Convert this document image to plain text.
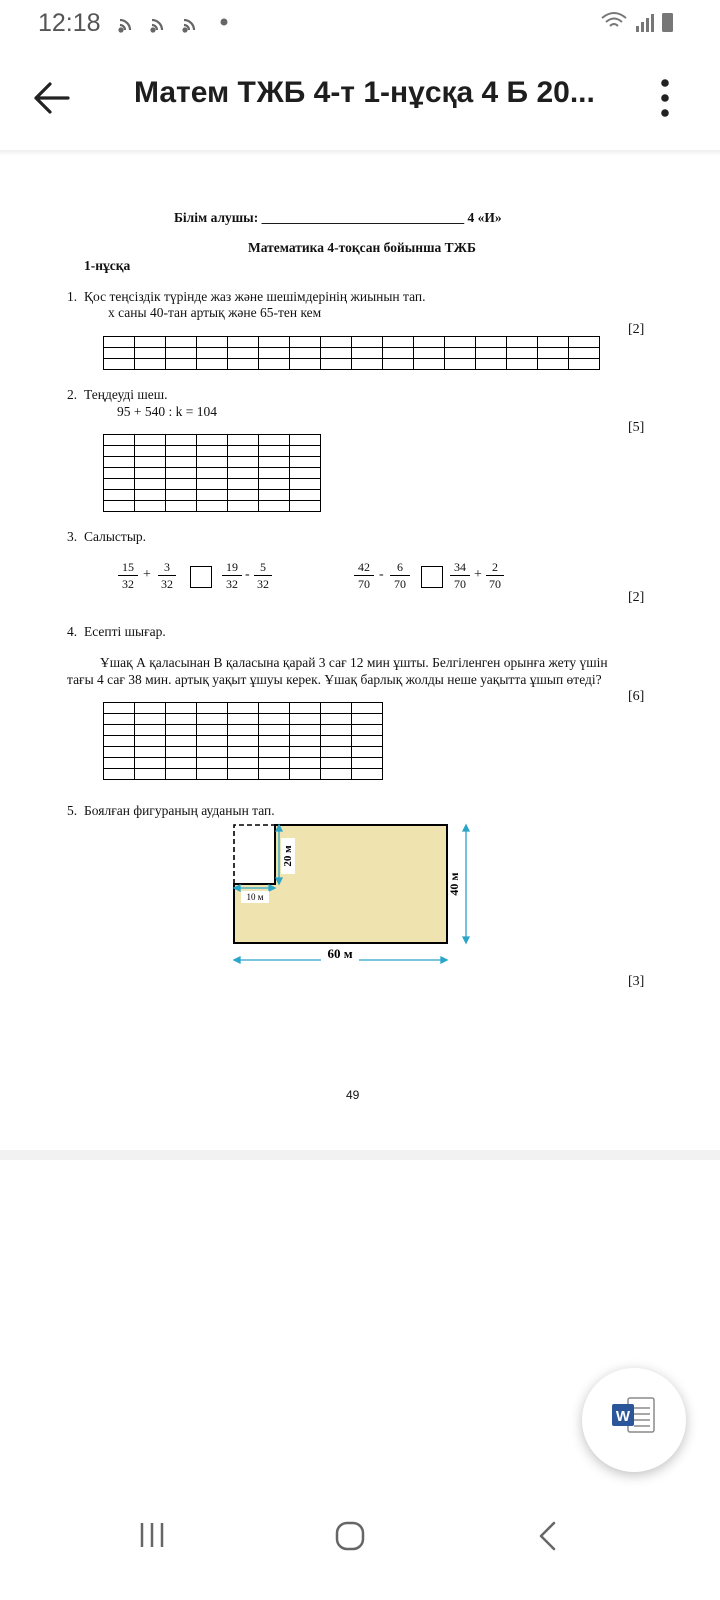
12:18
Матем ТЖБ 4-т 1-нұсқа 4 Б 20...
Білім алушы: ______________________________ 4 «И»
Математика 4-тоқсан бойынша ТЖБ
1-нұсқа
1. Қос теңсіздік түрінде жаз және шешімдерінің жиынын тап.
х саны 40-тан артық және 65-тен кем
[2]

2. Теңдеуді шеш.
95 + 540 : k = 104
[5]

3. Салыстыр.
15
32
+	3
32
19
32
- 5
32
42
70
-	6
70
34
70
+ 2
70
[2]
4. Есепті шығар.
Ұшақ А қаласынан В қаласына қарай 3 сағ 12 мин ұшты. Белгіленген орынға жету үшін
тағы 4 сағ 38 мин. артық уақыт ұшуы керек. Ұшақ барлық жолды неше уақытта ұшып өтеді?
[6]

5. Боялған фигураның ауданын тап.
20 м
10 м
40 м
60 м
[3]
49
W
